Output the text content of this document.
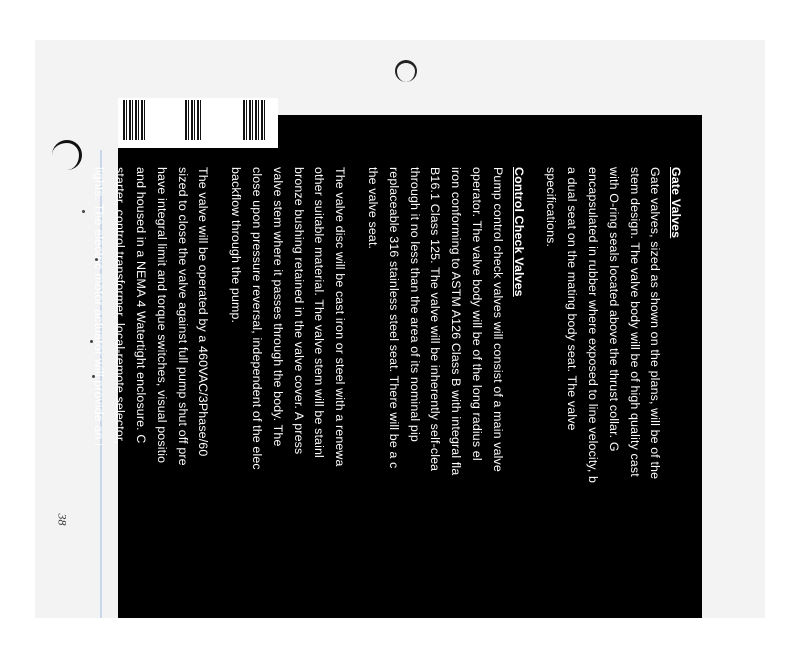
Gate Valves
Gate valves, sized as shown on the plans, will be of the
stem design. The valve body will be of high quality cast
with O-ring seals located above the thrust collar. G
encapsulated in rubber where exposed to line velocity, b
a dual seat on the mating body seat. The valve
specifications.
Control Check Valves
Pump control check valves will consist of a main valve
operator. The valve body will be of the long radius el
iron conforming to ASTM A126 Class B with integral fla
B16.1 Class 125. The valve will be inherently self-clea
through it no less than the area of its nominal pip
replaceable 316 stainless steel seat. There will be a c
the valve seat.
The valve disc will be cast iron or steel with a renewa
other suitable material. The valve stem will be stainl
bronze bushing retained in the valve cover. A press
valve stem where it passes through the body. The
close upon pressure reversal, independent of the elec
backflow through the pump.
The valve will be operated by a 460VAC/3Phase/60
sized to close the valve against full pump shut off pre
have integral limit and torque switches, visual positio
and housed in a NEMA 4 Watertight enclosure. C
starter, control transformer, local-remote selector,
lights. The electric motor actuator will provide an i
38
